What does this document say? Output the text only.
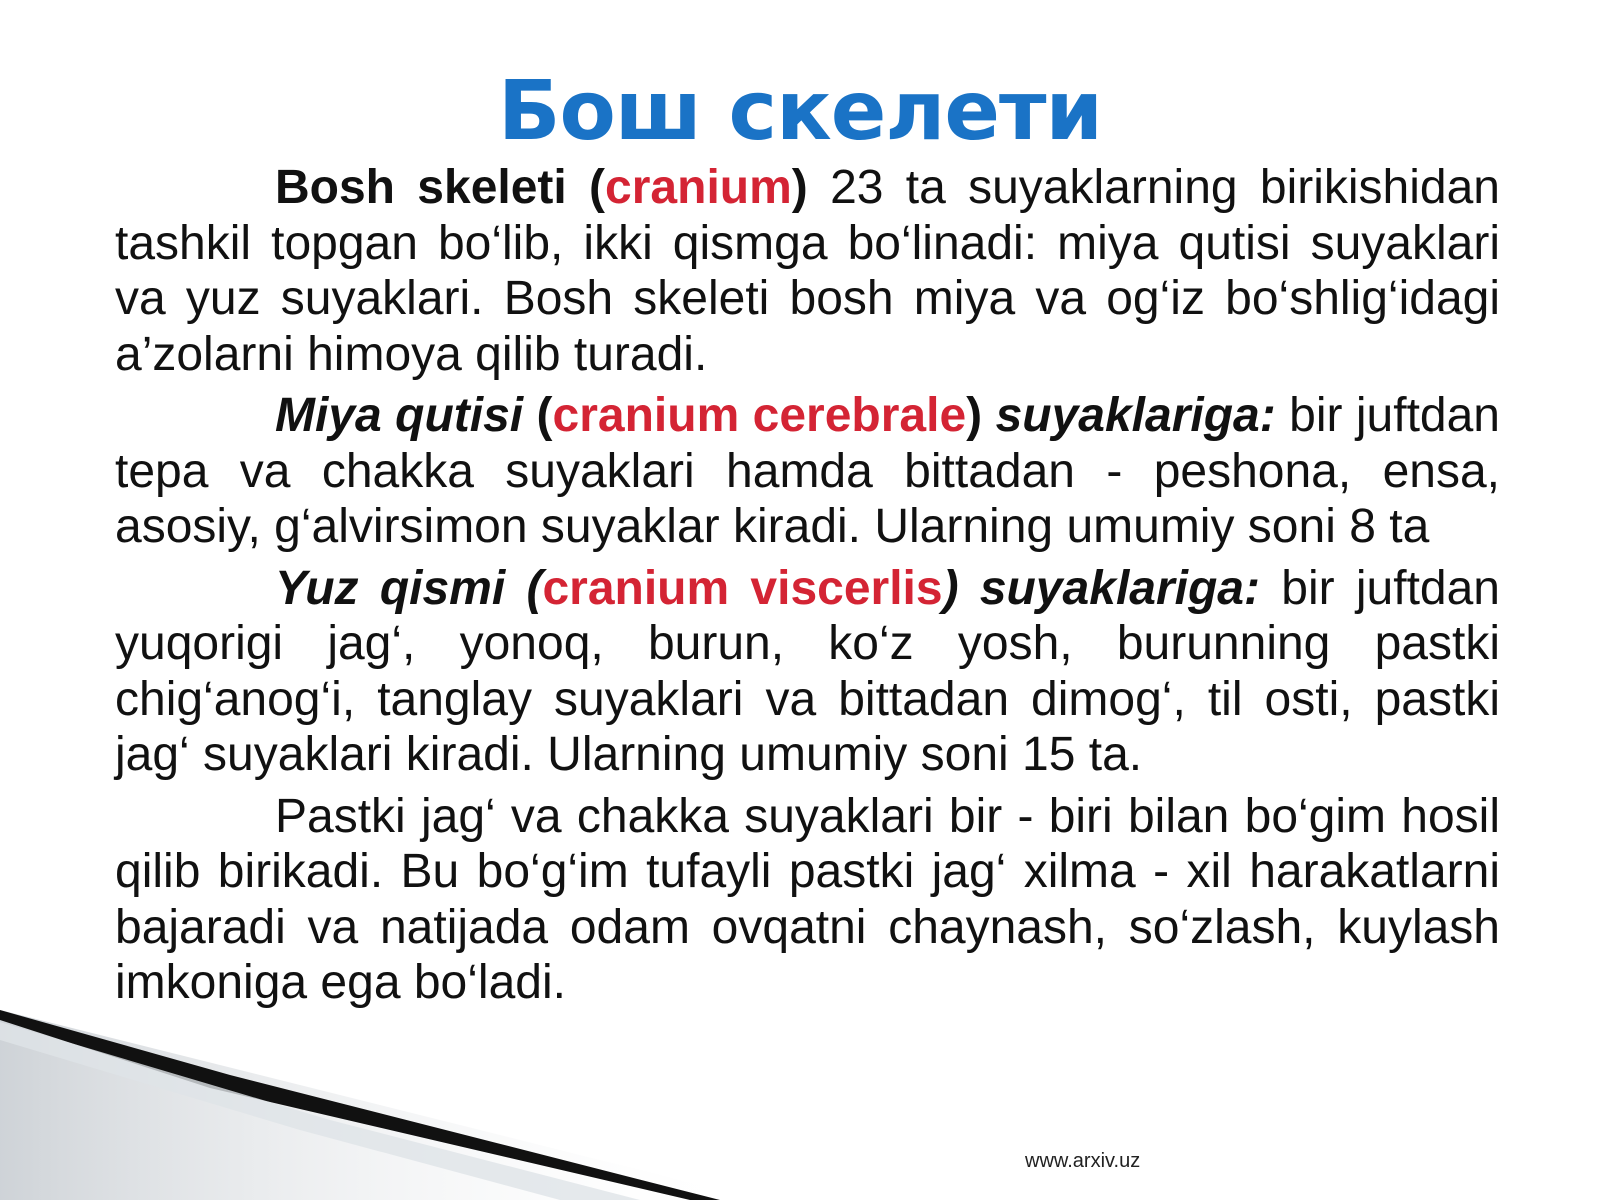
Бош скелети

Bosh skeleti (cranium) 23 ta suyaklarning birikishidan tashkil topgan bo‘lib, ikki qismga bo‘linadi: miya qutisi suyaklari va yuz suyaklari. Bosh skeleti bosh miya va og‘iz bo‘shlig‘idagi a’zolarni himoya qilib turadi.

Miya qutisi (cranium cerebrale) suyaklariga: bir juftdan tepa va chakka suyaklari hamda bittadan - peshona, ensa, asosiy, g‘alvirsimon suyaklar kiradi. Ularning umumiy soni 8 ta

Yuz qismi (cranium viscerlis) suyaklariga: bir juftdan yuqorigi jag‘, yonoq, burun, ko‘z yosh, burunning pastki chig‘anog‘i, tanglay suyaklari va bittadan dimog‘, til osti, pastki jag‘ suyaklari kiradi. Ularning umumiy soni 15 ta.

Pastki jag‘ va chakka suyaklari bir - biri bilan bo‘gim hosil qilib birikadi. Bu bo‘g‘im tufayli pastki jag‘ xilma - xil harakatlarni bajaradi va natijada odam ovqatni chaynash, so‘zlash, kuylash imkoniga ega bo‘ladi.

www.arxiv.uz
